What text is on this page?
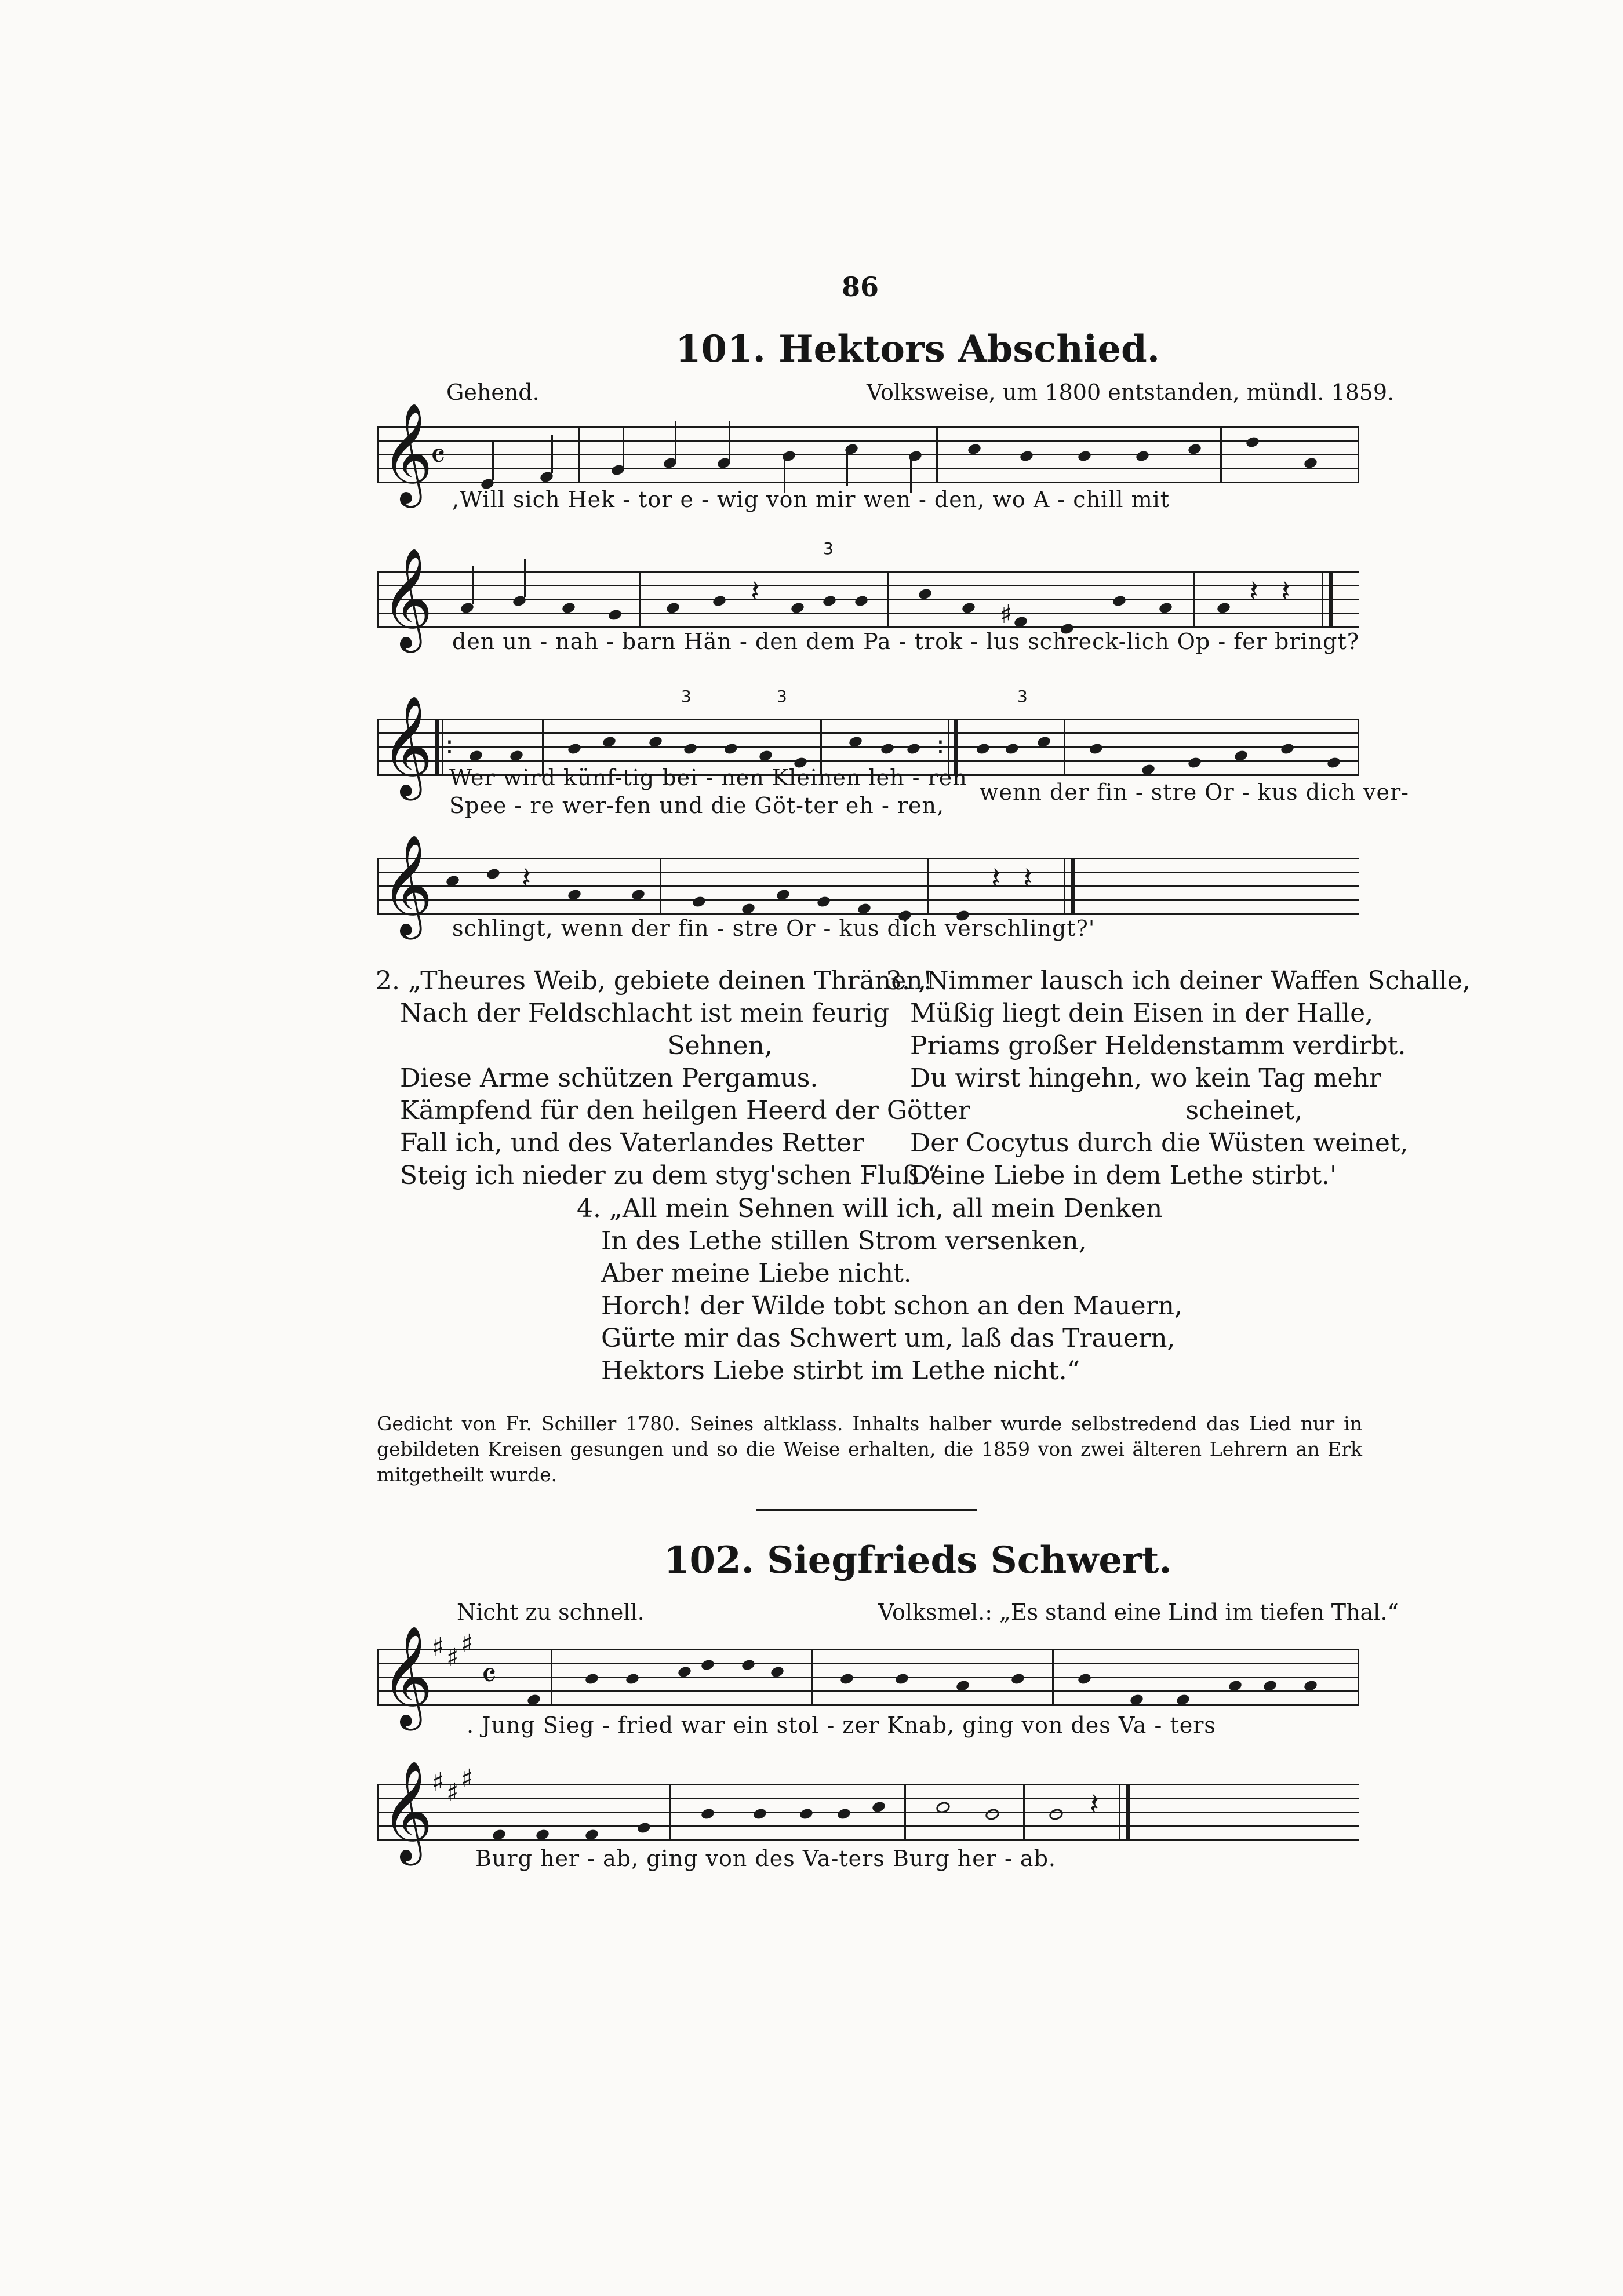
86
101. Hektors Abschied.
Gehend.	Volksweise, um 1800 entstanden, mündl. 1859.
𝄞
𝄴
,Will sich Hek - tor e - wig von mir wen - den, wo A - chill mit
𝄞	𝄽
3
♯
𝄽 𝄽
den un - nah - barn Hän - den dem Pa - trok - lus schreck-lich Op - fer bringt?
𝄞 :
3	3
:
3
Wer wird künf-tig bei - nen Kleinen leh - ren
Spee - re wer-fen und die Göt-ter eh - ren,
wenn der fin - stre Or - kus dich ver-
𝄞	𝄽	𝄽 𝄽
schlingt, wenn der fin - stre Or - kus dich verschlingt?'
2. „Theures Weib, gebiete deinen Thränen!
Nach der Feldschlacht ist mein feurig
Sehnen,
Diese Arme schützen Pergamus.
Kämpfend für den heilgen Heerd der Götter
Fall ich, und des Vaterlandes Retter
Steig ich nieder zu dem styg'schen Fluß.“
3. ,Nimmer lausch ich deiner Waffen Schalle,
Müßig liegt dein Eisen in der Halle,
Priams großer Heldenstamm verdirbt.
Du wirst hingehn, wo kein Tag mehr
scheinet,
Der Cocytus durch die Wüsten weinet,
Deine Liebe in dem Lethe stirbt.'
4. „All mein Sehnen will ich, all mein Denken
In des Lethe stillen Strom versenken,
Aber meine Liebe nicht.
Horch! der Wilde tobt schon an den Mauern,
Gürte mir das Schwert um, laß das Trauern,
Hektors Liebe stirbt im Lethe nicht.“
Gedicht von Fr. Schiller 1780. Seines altklass. Inhalts halber wurde selbstredend das Lied nur in gebildeten Kreisen gesungen und so die Weise erhalten, die 1859 von zwei älteren Lehrern an Erk mitgetheilt wurde.
102. Siegfrieds Schwert.
Nicht zu schnell.	Volksmel.: „Es stand eine Lind im tiefen Thal.“
𝄞
♯ ♯ ♯
𝄴
. Jung Sieg - fried war ein stol - zer Knab, ging von des Va - ters
𝄞
♯ ♯ ♯
𝄽
Burg her - ab, ging von des Va-ters Burg her - ab.
